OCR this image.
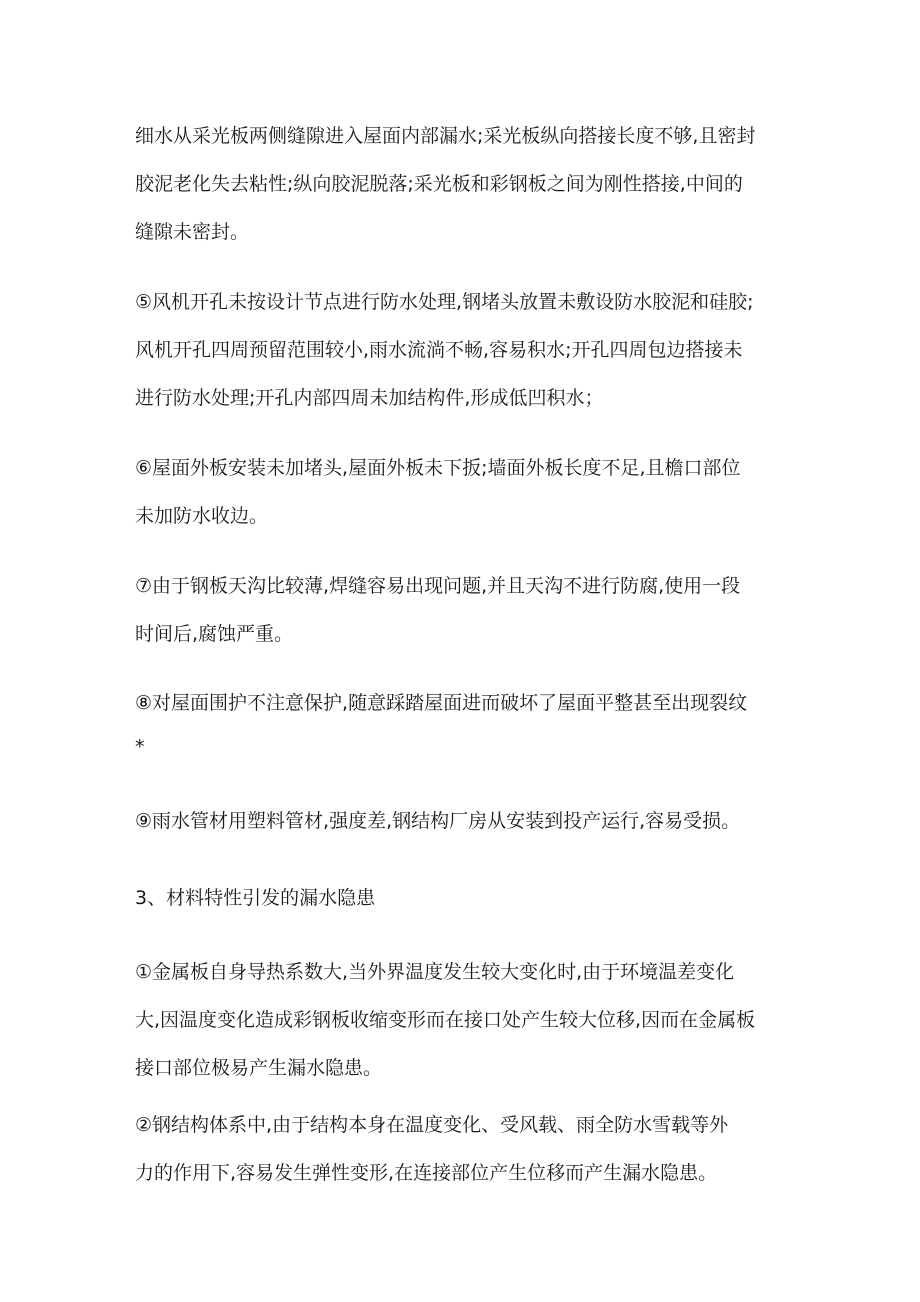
细水从采光板两侧缝隙进入屋面内部漏水;采光板纵向搭接长度不够,且密封
胶泥老化失去粘性;纵向胶泥脱落;采光板和彩钢板之间为刚性搭接,中间的
缝隙未密封。
⑤风机开孔未按设计节点进行防水处理,钢堵头放置未敷设防水胶泥和硅胶;
风机开孔四周预留范围较小,雨水流淌不畅,容易积水;开孔四周包边搭接未
进行防水处理;开孔内部四周未加结构件,形成低凹积水；
⑥屋面外板安装未加堵头,屋面外板未下扳;墙面外板长度不足,且檐口部位
未加防水收边。
⑦由于钢板天沟比较薄,焊缝容易出现问题,并且天沟不进行防腐,使用一段
时间后,腐蚀严重。
⑧对屋面围护不注意保护,随意踩踏屋面进而破坏了屋面平整甚至出现裂纹
*
⑨雨水管材用塑料管材,强度差,钢结构厂房从安装到投产运行,容易受损。
3、材料特性引发的漏水隐患
①金属板自身导热系数大,当外界温度发生较大变化时,由于环境温差变化
大,因温度变化造成彩钢板收缩变形而在接口处产生较大位移,因而在金属板
接口部位极易产生漏水隐患。
②钢结构体系中,由于结构本身在温度变化、受风载、雨全防水雪载等外
力的作用下,容易发生弹性变形,在连接部位产生位移而产生漏水隐患。
